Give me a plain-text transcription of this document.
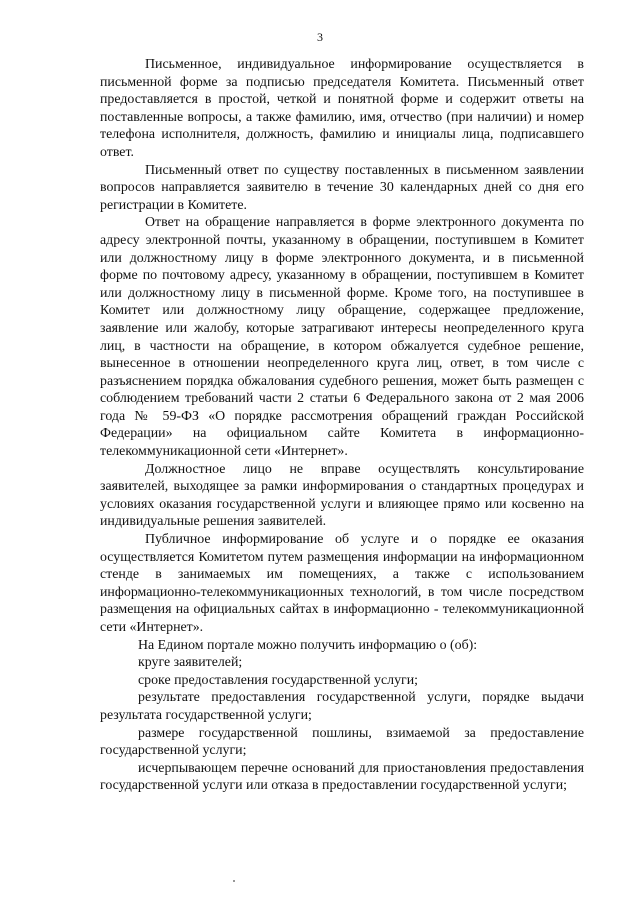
3

Письменное, индивидуальное информирование осуществляется в письменной форме за подписью председателя Комитета. Письменный ответ предоставляется в простой, четкой и понятной форме и содержит ответы на поставленные вопросы, а также фамилию, имя, отчество (при наличии) и номер телефона исполнителя, должность, фамилию и инициалы лица, подписавшего ответ.

Письменный ответ по существу поставленных в письменном заявлении вопросов направляется заявителю в течение 30 календарных дней со дня его регистрации в Комитете.

Ответ на обращение направляется в форме электронного документа по адресу электронной почты, указанному в обращении, поступившем в Комитет или должностному лицу в форме электронного документа, и в письменной форме по почтовому адресу, указанному в обращении, поступившем в Комитет или должностному лицу в письменной форме. Кроме того, на поступившее в Комитет или должностному лицу обращение, содержащее предложение, заявление или жалобу, которые затрагивают интересы неопределенного круга лиц, в частности на обращение, в котором обжалуется судебное решение, вынесенное в отношении неопределенного круга лиц, ответ, в том числе с разъяснением порядка обжалования судебного решения, может быть размещен с соблюдением требований части 2 статьи 6 Федерального закона от 2 мая 2006 года № 59-ФЗ «О порядке рассмотрения обращений граждан Российской Федерации» на официальном сайте Комитета в информационно-телекоммуникационной сети «Интернет».

Должностное лицо не вправе осуществлять консультирование заявителей, выходящее за рамки информирования о стандартных процедурах и условиях оказания государственной услуги и влияющее прямо или косвенно на индивидуальные решения заявителей.

Публичное информирование об услуге и о порядке ее оказания осуществляется Комитетом путем размещения информации на информационном стенде в занимаемых им помещениях, а также с использованием информационно-телекоммуникационных технологий, в том числе посредством размещения на официальных сайтах в информационно - телекоммуникационной сети «Интернет».

На Едином портале можно получить информацию о (об):

круге заявителей;

сроке предоставления государственной услуги;

результате предоставления государственной услуги, порядке выдачи результата государственной услуги;

размере государственной пошлины, взимаемой за предоставление государственной услуги;

исчерпывающем перечне оснований для приостановления предоставления государственной услуги или отказа в предоставлении государственной услуги;
